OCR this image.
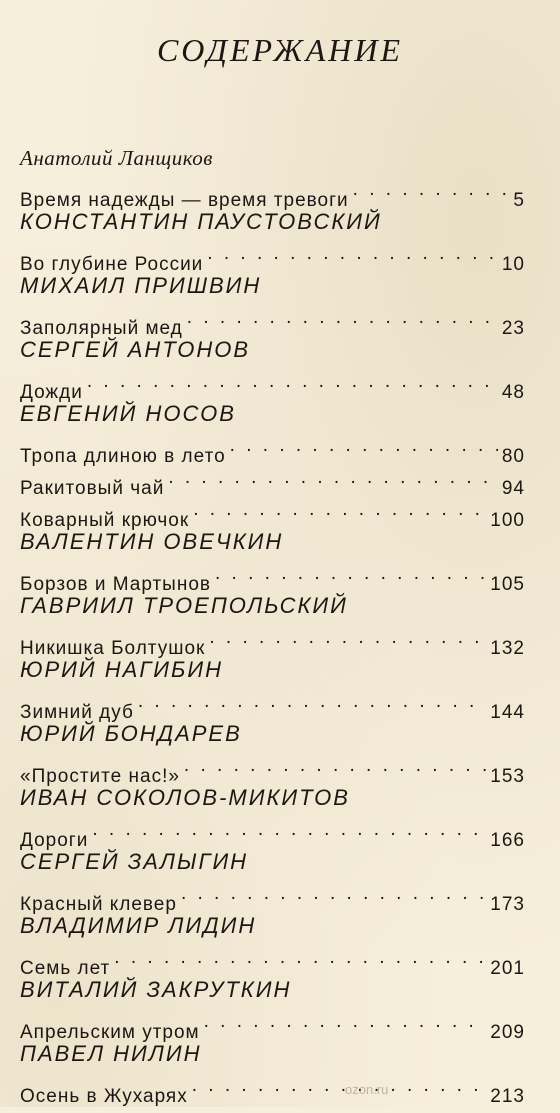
СОДЕРЖАНИЕ
Анатолий Ланщиков
Время надежды — время тревоги . . .	5
КОНСТАНТИН ПАУСТОВСКИЙ
Во глубине России . . .	10
МИХАИЛ ПРИШВИН
Заполярный мед . . .	23
СЕРГЕЙ АНТОНОВ
Дожди . . .	48
ЕВГЕНИЙ НОСОВ
Тропа длиною в лето . . .	80
Ракитовый чай . . .	94
Коварный крючок . . .	100
ВАЛЕНТИН ОВЕЧКИН
Борзов и Мартынов . . .	105
ГАВРИИЛ ТРОЕПОЛЬСКИЙ
Никишка Болтушок . . .	132
ЮРИЙ НАГИБИН
Зимний дуб . . .	144
ЮРИЙ БОНДАРЕВ
«Простите нас!» . . .	153
ИВАН СОКОЛОВ-МИКИТОВ
Дороги . . .	166
СЕРГЕЙ ЗАЛЫГИН
Красный клевер . . .	173
ВЛАДИМИР ЛИДИН
Семь лет . . .	201
ВИТАЛИЙ ЗАКРУТКИН
Апрельским утром . . .	209
ПАВЕЛ НИЛИН
Осень в Жухарях . . .	213
ozon.ru
